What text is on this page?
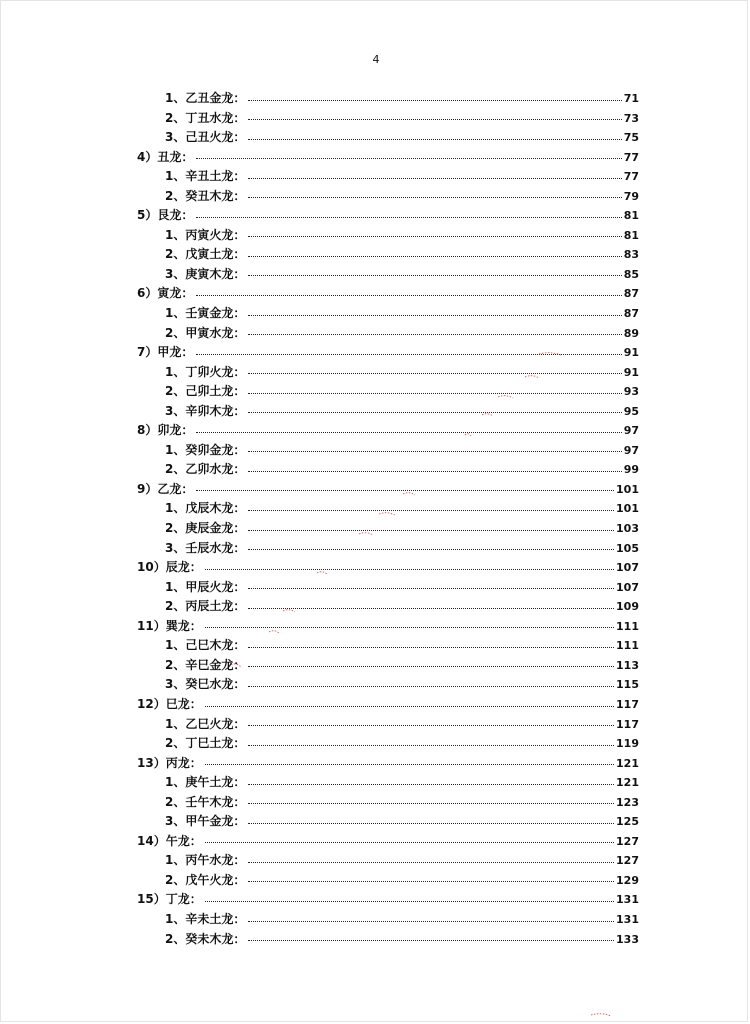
4
1、乙丑金龙：	71
2、丁丑水龙：	73
3、己丑火龙：	75
4）丑龙：	77
1、辛丑土龙：	77
2、癸丑木龙：	79
5）艮龙：	81
1、丙寅火龙：	81
2、戊寅土龙：	83
3、庚寅木龙：	85
6）寅龙：	87
1、壬寅金龙：	87
2、甲寅水龙：	89
7）甲龙：	91
1、丁卯火龙：	91
2、己卯土龙：	93
3、辛卯木龙：	95
8）卯龙：	97
1、癸卯金龙：	97
2、乙卯水龙：	99
9）乙龙：	101
1、戊辰木龙：	101
2、庚辰金龙：	103
3、壬辰水龙：	105
10）辰龙：	107
1、甲辰火龙：	107
2、丙辰土龙：	109
11）巽龙：	111
1、己巳木龙：	111
2、辛巳金龙：	113
3、癸巳水龙：	115
12）巳龙：	117
1、乙巳火龙：	117
2、丁巳土龙：	119
13）丙龙：	121
1、庚午土龙：	121
2、壬午木龙：	123
3、甲午金龙：	125
14）午龙：	127
1、丙午水龙：	127
2、戊午火龙：	129
15）丁龙：	131
1、辛未土龙：	131
2、癸未木龙：	133
